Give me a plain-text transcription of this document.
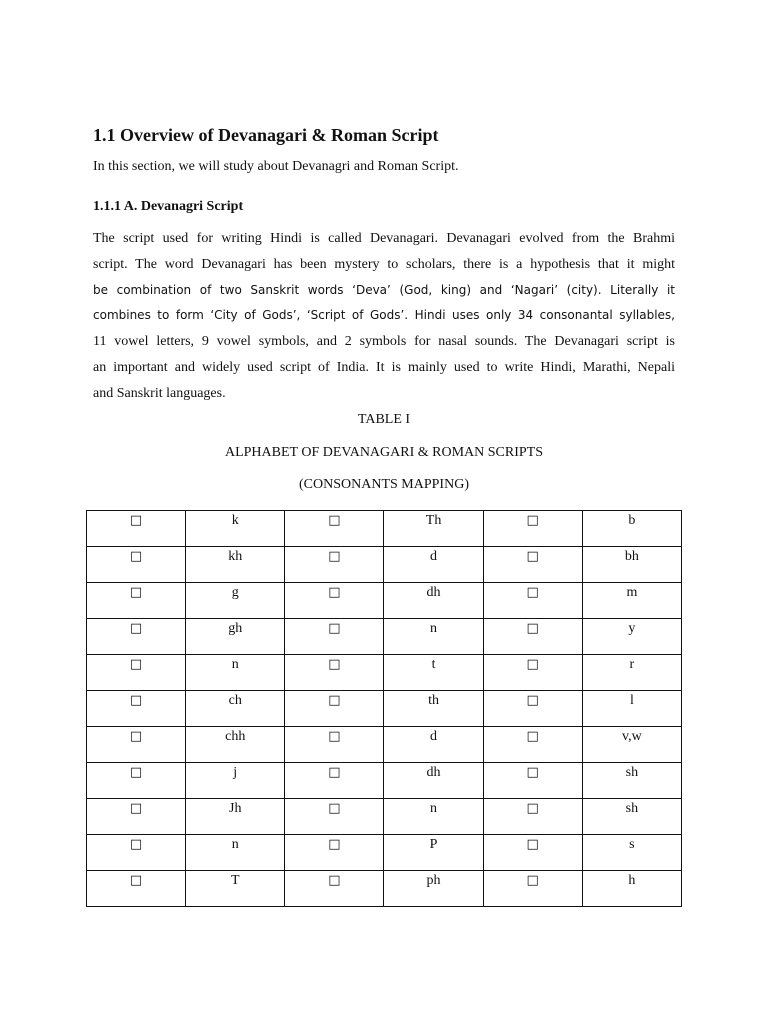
1.1 Overview of Devanagari & Roman Script

In this section, we will study about Devanagri and Roman Script.

1.1.1 A. Devanagri Script

The script used for writing Hindi is called Devanagari. Devanagari evolved from the Brahmi
script. The word Devanagari has been mystery to scholars, there is a hypothesis that it might
be combination of two Sanskrit words ‘Deva’ (God, king) and ‘Nagari’ (city). Literally it
combines to form ‘City of Gods’, ‘Script of Gods’. Hindi uses only 34 consonantal syllables,
11 vowel letters, 9 vowel symbols, and 2 symbols for nasal sounds. The Devanagari script is
an important and widely used script of India. It is mainly used to write Hindi, Marathi, Nepali
and Sanskrit languages.

TABLE I

ALPHABET OF DEVANAGARI & ROMAN SCRIPTS

(CONSONANTS MAPPING)

□	k	□	Th	□	b
□	kh	□	d	□	bh
□	g	□	dh	□	m
□	gh	□	n	□	y
□	n	□	t	□	r
□	ch	□	th	□	l
□	chh	□	d	□	v,w
□	j	□	dh	□	sh
□	Jh	□	n	□	sh
□	n	□	P	□	s
□	T	□	ph	□	h
